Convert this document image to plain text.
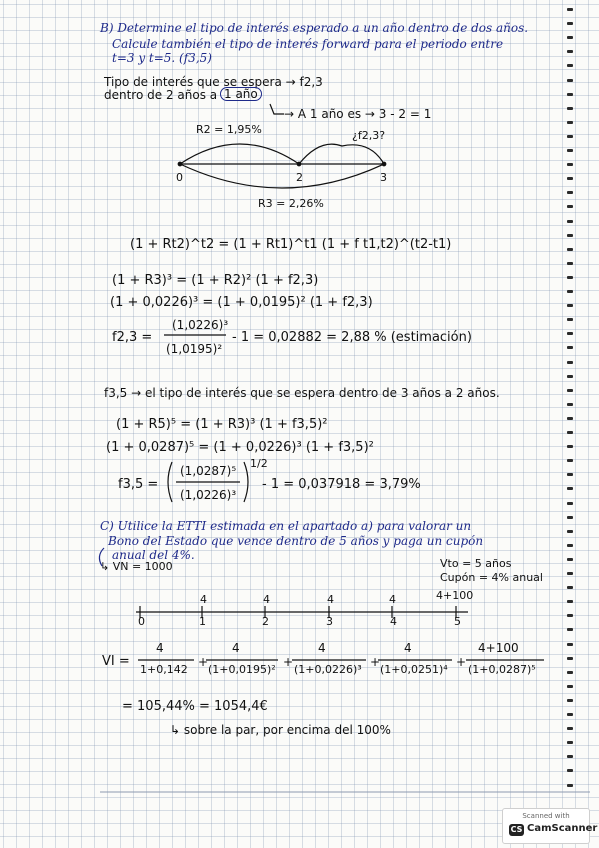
B) Determine el tipo de interés esperado a un año dentro de dos años.
Calcule también el tipo de interés forward para el periodo entre
t=3 y t=5. (f3,5)
Tipo de interés que se espera → f2,3
dentro de 2 años a 1 año
→ A 1 año es → 3 - 2 = 1
R2 = 1,95%	¿f2,3?
0	2	3
R3 = 2,26%
(1 + Rt2)^t2 = (1 + Rt1)^t1 (1 + f t1,t2)^(t2-t1)
(1 + R3)³ = (1 + R2)² (1 + f2,3)
(1 + 0,0226)³ = (1 + 0,0195)² (1 + f2,3)
f2,3 =
(1,0226)³
(1,0195)²
- 1 = 0,02882 = 2,88 % (estimación)
f3,5 → el tipo de interés que se espera dentro de 3 años a 2 años.
(1 + R5)⁵ = (1 + R3)³ (1 + f3,5)²
(1 + 0,0287)⁵ = (1 + 0,0226)³ (1 + f3,5)²
f3,5 =
(1,0287)⁵
(1,0226)³
1/2
- 1 = 0,037918 = 3,79%
C) Utilice la ETTI estimada en el apartado a) para valorar un
Bono del Estado que vence dentro de 5 años y paga un cupón
anual del 4%.
↳ VN = 1000	Vto = 5 años
Cupón = 4% anual
4	4	4	4	4+100
0	1	2	3	4	5
VI =
4
1+0,142
+
4
(1+0,0195)²
+
4
(1+0,0226)³
+
4
(1+0,0251)⁴
+
4+100
(1+0,0287)⁵
= 105,44% = 1054,4€
↳ sobre la par, por encima del 100%
Scanned with
CS CamScanner
